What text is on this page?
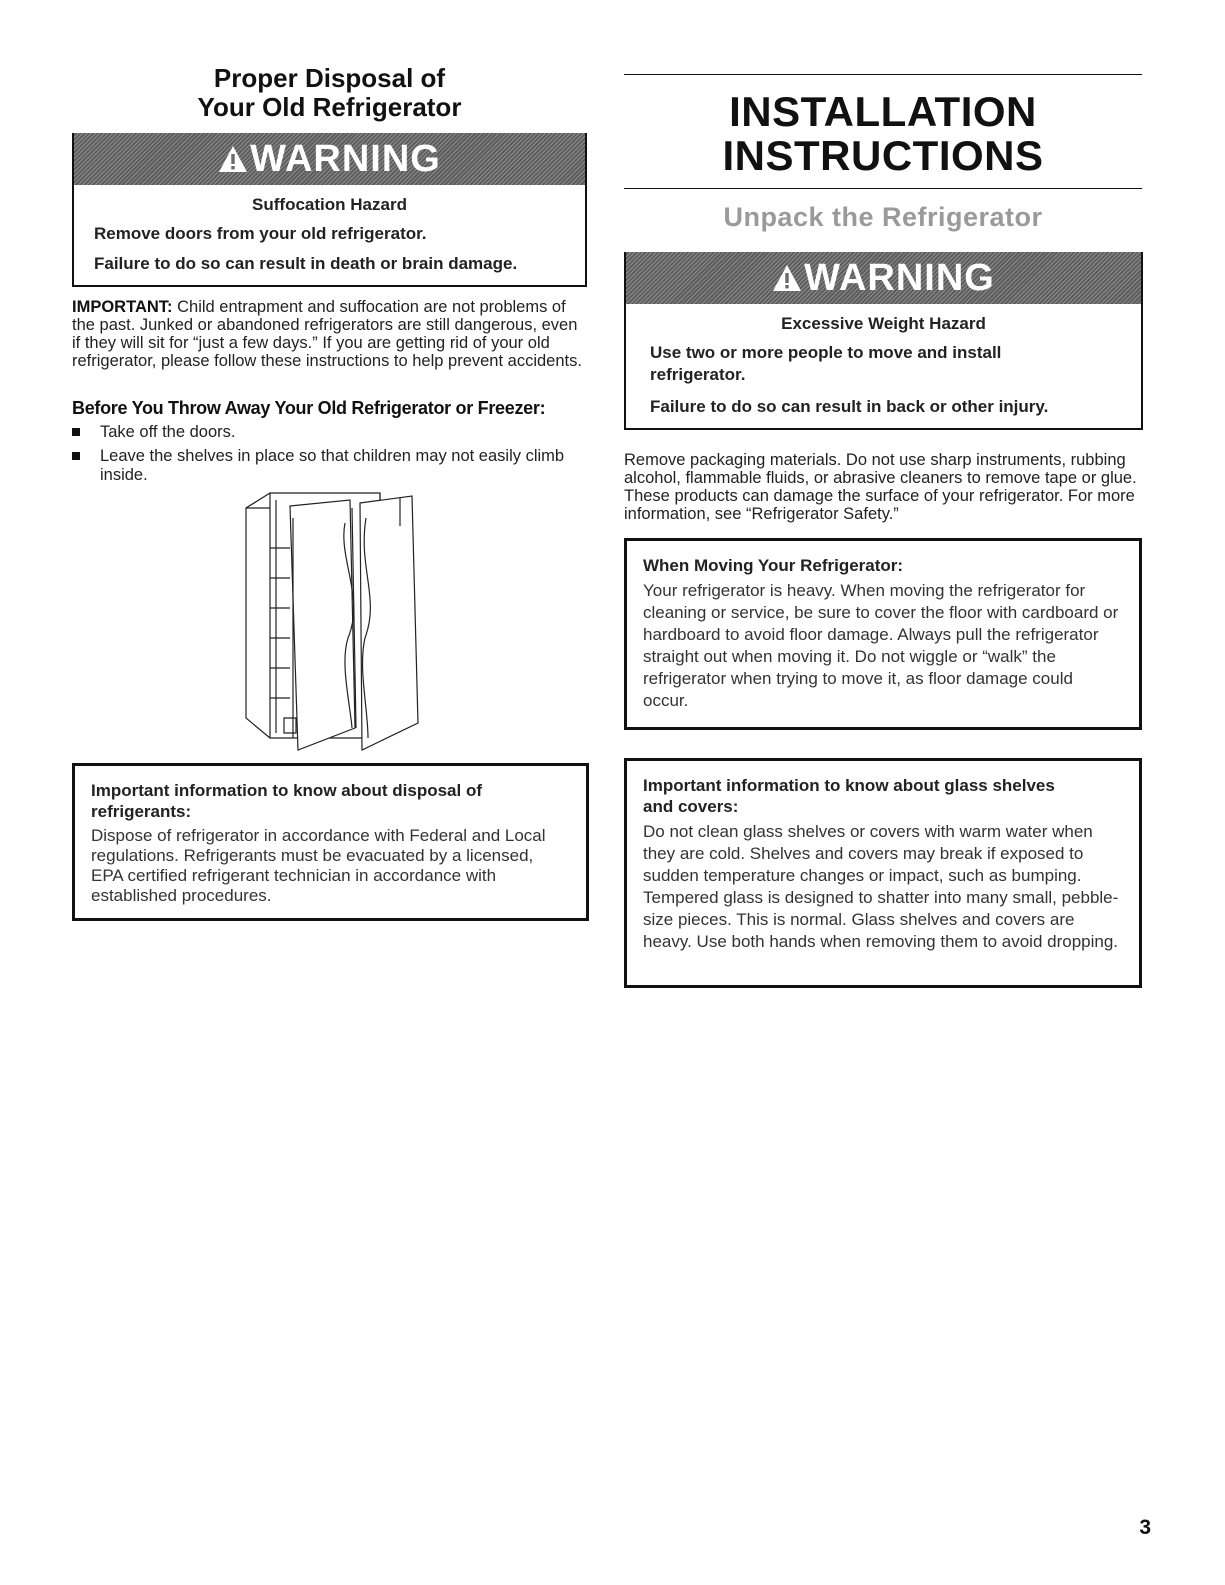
Proper Disposal of
Your Old Refrigerator
WARNING

Suffocation Hazard

Remove doors from your old refrigerator.

Failure to do so can result in death or brain damage.

IMPORTANT: Child entrapment and suffocation are not problems of the past. Junked or abandoned refrigerators are still dangerous, even if they will sit for “just a few days.” If you are getting rid of your old refrigerator, please follow these instructions to help prevent accidents.

Before You Throw Away Your Old Refrigerator or Freezer:
Take off the doors.
Leave the shelves in place so that children may not easily climb inside.

Important information to know about disposal of refrigerants:

Dispose of refrigerator in accordance with Federal and Local regulations. Refrigerants must be evacuated by a licensed, EPA certified refrigerant technician in accordance with established procedures.

INSTALLATION
INSTRUCTIONS
Unpack the Refrigerator
WARNING

Excessive Weight Hazard

Use two or more people to move and install refrigerator.

Failure to do so can result in back or other injury.

Remove packaging materials. Do not use sharp instruments, rubbing alcohol, flammable fluids, or abrasive cleaners to remove tape or glue. These products can damage the surface of your refrigerator. For more information, see “Refrigerator Safety.”

When Moving Your Refrigerator:

Your refrigerator is heavy. When moving the refrigerator for cleaning or service, be sure to cover the floor with cardboard or hardboard to avoid floor damage. Always pull the refrigerator straight out when moving it. Do not wiggle or “walk” the refrigerator when trying to move it, as floor damage could occur.

Important information to know about glass shelves and covers:

Do not clean glass shelves or covers with warm water when they are cold. Shelves and covers may break if exposed to sudden temperature changes or impact, such as bumping. Tempered glass is designed to shatter into many small, pebble-size pieces. This is normal. Glass shelves and covers are heavy. Use both hands when removing them to avoid dropping.

3
